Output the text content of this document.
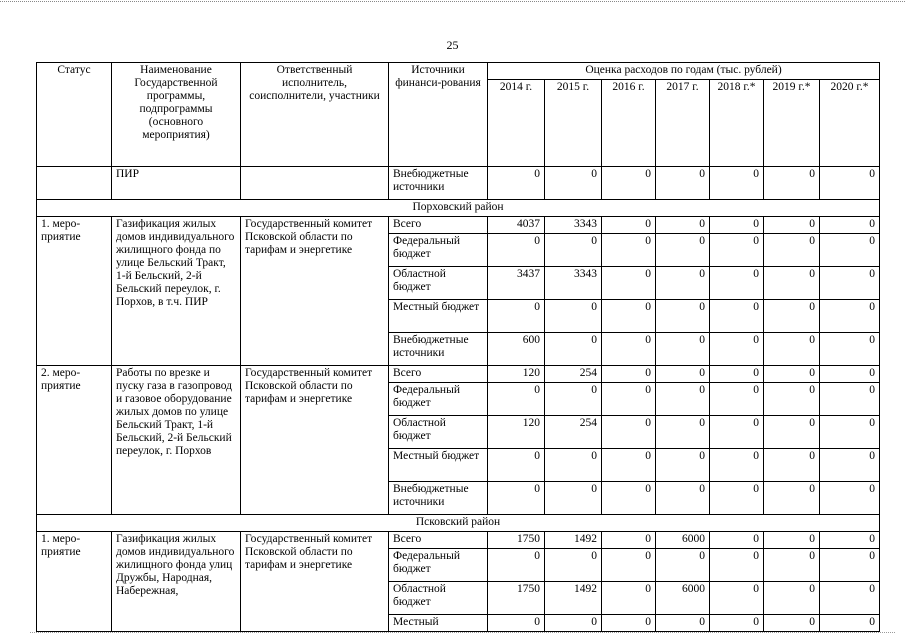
25
Статус	Наименование Государственной программы, подпрограммы (основного мероприятия)	Ответственный исполнитель, соисполнители, участники	Источники финанси-рования	Оценка расходов по годам (тыс. рублей)						
				2014 г.	2015 г.	2016 г.	2017 г.	2018 г.*	2019 г.*	2020 г.*
	ПИР		Внебюджетные источники	0	0	0	0	0	0	0
Порховский район										
1. меро-приятие	Газификация жилых домов индивидуального жилищного фонда по улице Бельский Тракт, 1-й Бельский, 2-й Бельский переулок, г. Порхов, в т.ч. ПИР	Государственный комитет Псковской области по тарифам и энергетике	Всего	4037	3343	0	0	0	0	0
			Федеральный бюджет	0	0	0	0	0	0	0
			Областной бюджет	3437	3343	0	0	0	0	0
			Местный бюджет	0	0	0	0	0	0	0
			Внебюджетные источники	600	0	0	0	0	0	0
2. меро-приятие	Работы по врезке и пуску газа в газопровод и газовое оборудование жилых домов по улице Бельский Тракт, 1-й Бельский, 2-й Бельский переулок, г. Порхов	Государственный комитет Псковской области по тарифам и энергетике	Всего	120	254	0	0	0	0	0
			Федеральный бюджет	0	0	0	0	0	0	0
			Областной бюджет	120	254	0	0	0	0	0
			Местный бюджет	0	0	0	0	0	0	0
			Внебюджетные источники	0	0	0	0	0	0	0
Псковский район										
1. меро-приятие	Газификация жилых домов индивидуального жилищного фонда улиц Дружбы, Народная, Набережная,	Государственный комитет Псковской области по тарифам и энергетике	Всего	1750	1492	0	6000	0	0	0
			Федеральный бюджет	0	0	0	0	0	0	0
			Областной бюджет	1750	1492	0	6000	0	0	0
			Местный	0	0	0	0	0	0	0
